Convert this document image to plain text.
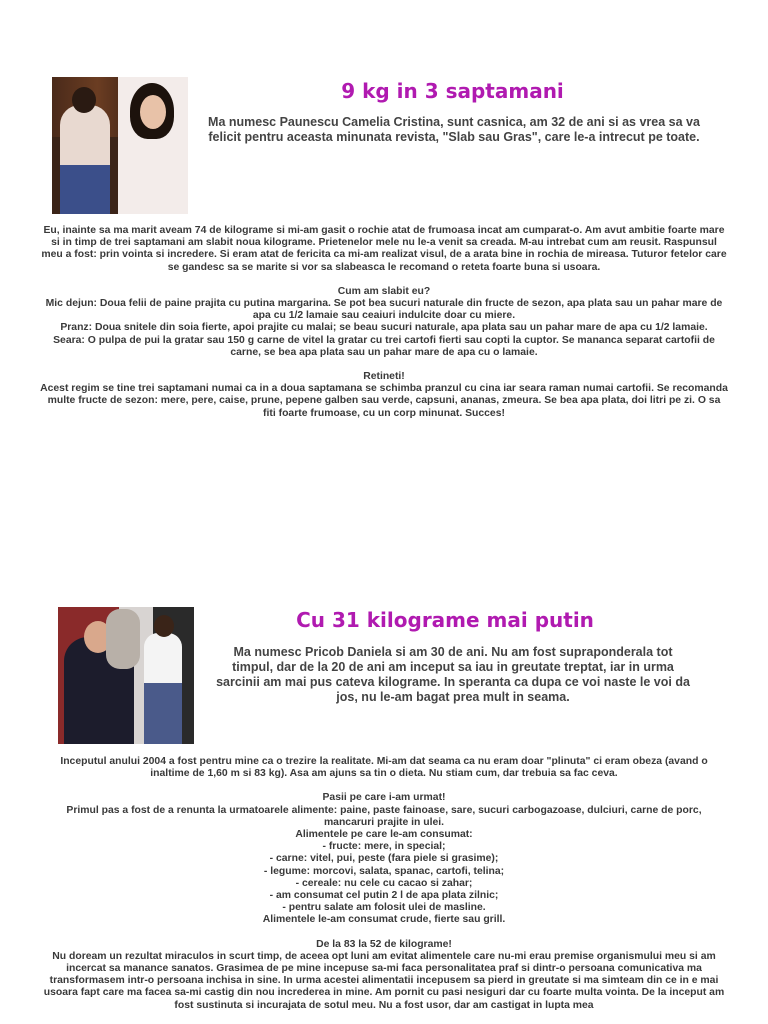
9 kg in 3 saptamani

Ma numesc Paunescu Camelia Cristina, sunt casnica, am 32 de ani si as vrea sa va felicit pentru aceasta minunata revista, "Slab sau Gras", care le-a intrecut pe toate.

Eu, inainte sa ma marit aveam 74 de kilograme si mi-am gasit o rochie atat de frumoasa incat am cumparat-o. Am avut ambitie foarte mare si in timp de trei saptamani am slabit noua kilograme. Prietenelor mele nu le-a venit sa creada. M-au intrebat cum am reusit. Raspunsul meu a fost: prin vointa si incredere. Si eram atat de fericita ca mi-am realizat visul, de a arata bine in rochia de mireasa. Tuturor fetelor care se gandesc sa se marite si vor sa slabeasca le recomand o reteta foarte buna si usoara.

Cum am slabit eu?

Mic dejun: Doua felii de paine prajita cu putina margarina. Se pot bea sucuri naturale din fructe de sezon, apa plata sau un pahar mare de apa cu 1/2 lamaie sau ceaiuri indulcite doar cu miere.

Pranz: Doua snitele din soia fierte, apoi prajite cu malai; se beau sucuri naturale, apa plata sau un pahar mare de apa cu 1/2 lamaie.

Seara: O pulpa de pui la gratar sau 150 g carne de vitel la gratar cu trei cartofi fierti sau copti la cuptor. Se mananca separat cartofii de carne, se bea apa plata sau un pahar mare de apa cu o lamaie.

Retineti!

Acest regim se tine trei saptamani numai ca in a doua saptamana se schimba pranzul cu cina iar seara raman numai cartofii. Se recomanda multe fructe de sezon: mere, pere, caise, prune, pepene galben sau verde, capsuni, ananas, zmeura. Se bea apa plata, doi litri pe zi. O sa fiti foarte frumoase, cu un corp minunat. Succes!

Cu 31 kilograme mai putin

Ma numesc Pricob Daniela si am 30 de ani. Nu am fost supraponderala tot timpul, dar de la 20 de ani am inceput sa iau in greutate treptat, iar in urma sarcinii am mai pus cateva kilograme. In speranta ca dupa ce voi naste le voi da jos, nu le-am bagat prea mult in seama.

Inceputul anului 2004 a fost pentru mine ca o trezire la realitate. Mi-am dat seama ca nu eram doar "plinuta" ci eram obeza (avand o inaltime de 1,60 m si 83 kg). Asa am ajuns sa tin o dieta. Nu stiam cum, dar trebuia sa fac ceva.

Pasii pe care i-am urmat!

Primul pas a fost de a renunta la urmatoarele alimente: paine, paste fainoase, sare, sucuri carbogazoase, dulciuri, carne de porc, mancaruri prajite in ulei.

Alimentele pe care le-am consumat:

- fructe: mere, in special;

- carne: vitel, pui, peste (fara piele si grasime);

- legume: morcovi, salata, spanac, cartofi, telina;

- cereale: nu cele cu cacao si zahar;

- am consumat cel putin 2 l de apa plata zilnic;

- pentru salate am folosit ulei de masline.

Alimentele le-am consumat crude, fierte sau grill.

De la 83 la 52 de kilograme!

Nu doream un rezultat miraculos in scurt timp, de aceea opt luni am evitat alimentele care nu-mi erau premise organismului meu si am incercat sa manance sanatos. Grasimea de pe mine incepuse sa-mi faca personalitatea praf si dintr-o persoana comunicativa ma transformasem intr-o persoana inchisa in sine. In urma acestei alimentatii incepusem sa pierd in greutate si ma simteam din ce in e mai usoara fapt care ma facea sa-mi castig din nou increderea in mine. Am pornit cu pasi nesiguri dar cu foarte multa vointa. De la inceput am fost sustinuta si incurajata de sotul meu. Nu a fost usor, dar am castigat in lupta mea
